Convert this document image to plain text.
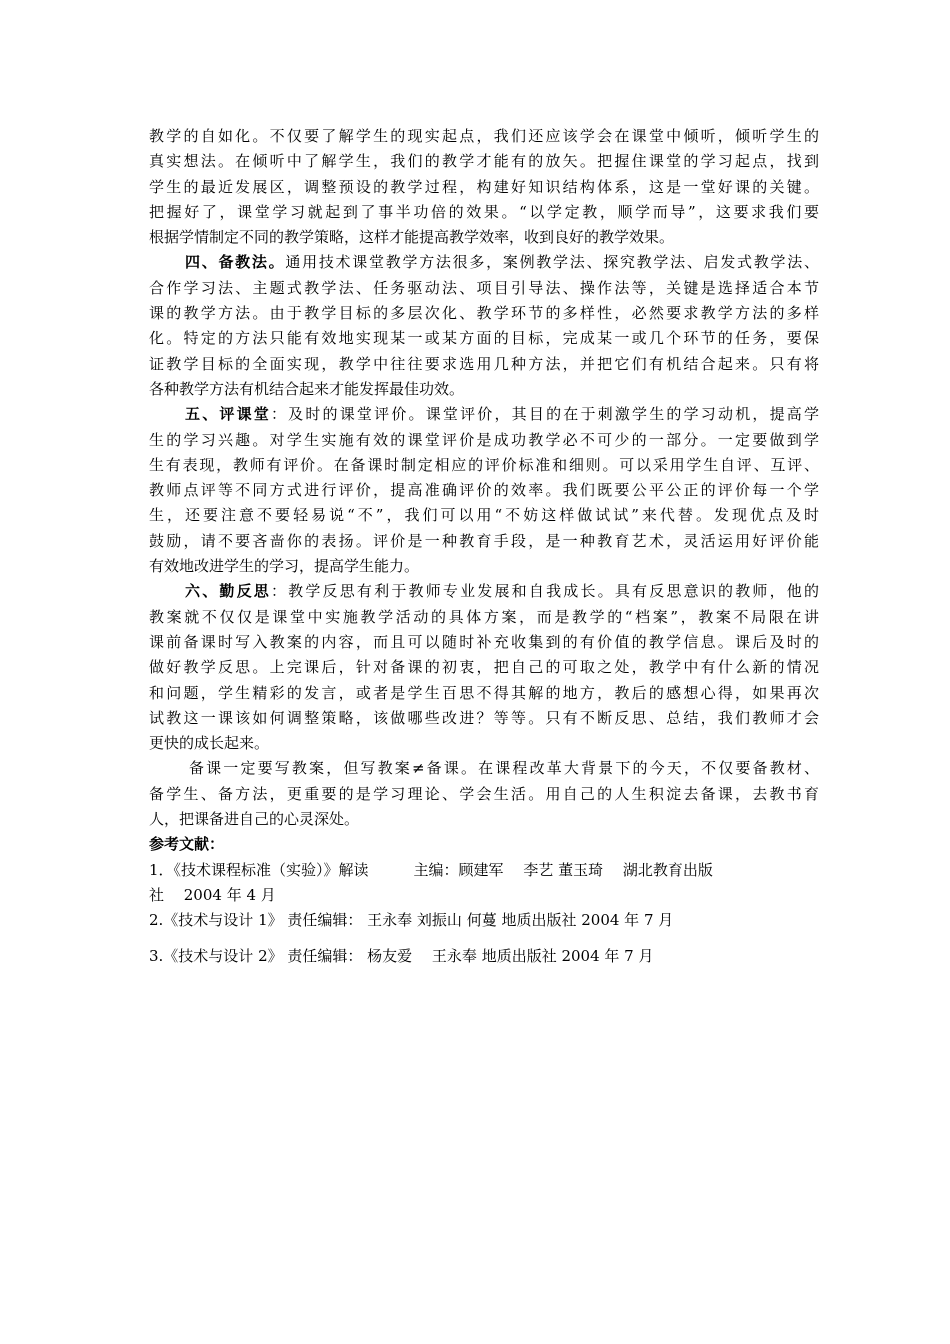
教学的自如化。不仅要了解学生的现实起点，我们还应该学会在课堂中倾听，倾听学生的
真实想法。在倾听中了解学生，我们的教学才能有的放矢。把握住课堂的学习起点，找到
学生的最近发展区，调整预设的教学过程，构建好知识结构体系，这是一堂好课的关键。
把握好了，课堂学习就起到了事半功倍的效果。“以学定教，顺学而导”，这要求我们要
根据学情制定不同的教学策略，这样才能提高教学效率，收到良好的教学效果。
四、备教法。通用技术课堂教学方法很多，案例教学法、探究教学法、启发式教学法、
合作学习法、主题式教学法、任务驱动法、项目引导法、操作法等，关键是选择适合本节
课的教学方法。由于教学目标的多层次化、教学环节的多样性，必然要求教学方法的多样
化。特定的方法只能有效地实现某一或某方面的目标，完成某一或几个环节的任务，要保
证教学目标的全面实现，教学中往往要求选用几种方法，并把它们有机结合起来。只有将
各种教学方法有机结合起来才能发挥最佳功效。
五、评课堂：及时的课堂评价。课堂评价，其目的在于刺激学生的学习动机，提高学
生的学习兴趣。对学生实施有效的课堂评价是成功教学必不可少的一部分。一定要做到学
生有表现，教师有评价。在备课时制定相应的评价标准和细则。可以采用学生自评、互评、
教师点评等不同方式进行评价，提高准确评价的效率。我们既要公平公正的评价每一个学
生，还要注意不要轻易说“不”，我们可以用“不妨这样做试试”来代替。发现优点及时
鼓励，请不要吝啬你的表扬。评价是一种教育手段，是一种教育艺术，灵活运用好评价能
有效地改进学生的学习，提高学生能力。
六、勤反思：教学反思有利于教师专业发展和自我成长。具有反思意识的教师，他的
教案就不仅仅是课堂中实施教学活动的具体方案，而是教学的“档案”，教案不局限在讲
课前备课时写入教案的内容，而且可以随时补充收集到的有价值的教学信息。课后及时的
做好教学反思。上完课后，针对备课的初衷，把自己的可取之处，教学中有什么新的情况
和问题，学生精彩的发言，或者是学生百思不得其解的地方，教后的感想心得，如果再次
试教这一课该如何调整策略，该做哪些改进？等等。只有不断反思、总结，我们教师才会
更快的成长起来。
备课一定要写教案，但写教案≠备课。在课程改革大背景下的今天，不仅要备教材、
备学生、备方法，更重要的是学习理论、学会生活。用自己的人生积淀去备课，去教书育
人，把课备进自己的心灵深处。
参考文献：
1．《技术课程标准（实验）》解读　　　主编：顾建军　 李艺 董玉琦　 湖北教育出版
社　 2004 年 4 月
2.《技术与设计 1》 责任编辑： 王永奉 刘振山 何蔓 地质出版社 2004 年 7 月
3.《技术与设计 2》 责任编辑： 杨友爱　 王永奉 地质出版社 2004 年 7 月
